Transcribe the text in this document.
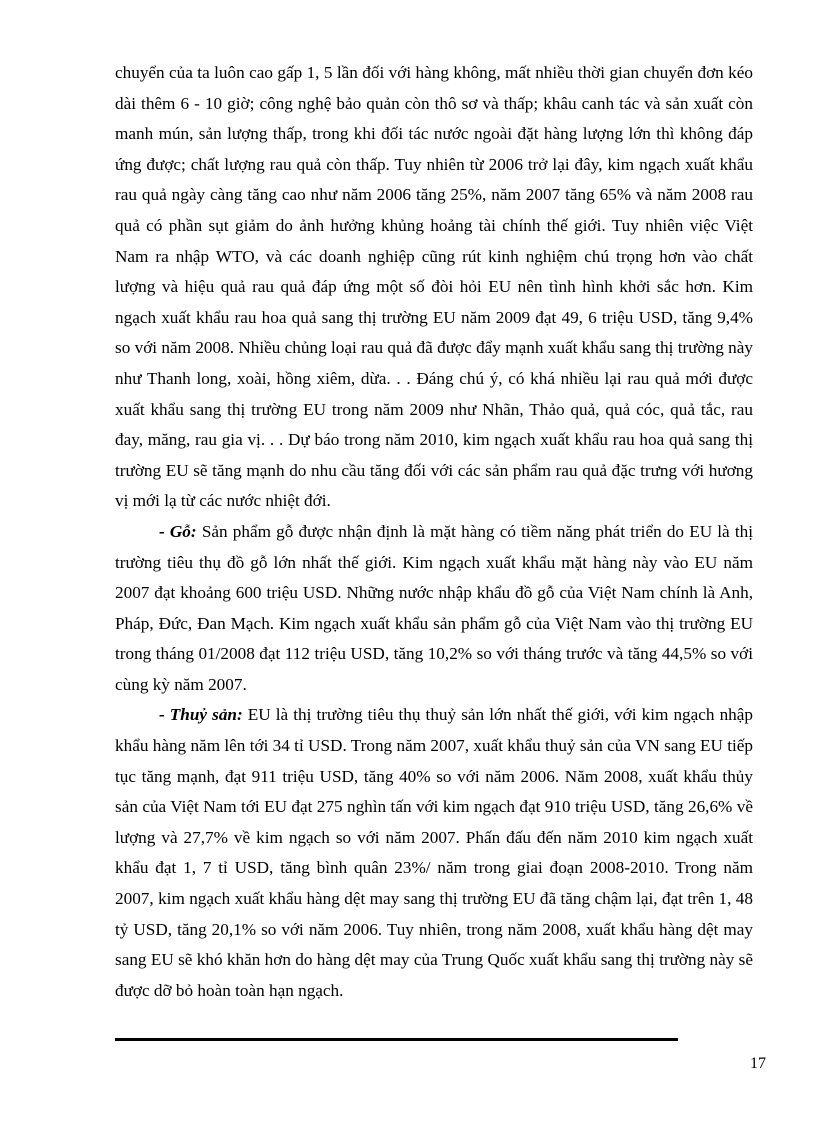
chuyển của ta luôn cao gấp 1, 5 lần đối với hàng không, mất nhiều thời gian chuyển đơn kéo dài thêm 6 - 10 giờ; công nghệ bảo quản còn thô sơ và thấp; khâu canh tác và sản xuất còn manh mún, sản lượng thấp, trong khi đối tác nước ngoài đặt hàng lượng lớn thì không đáp ứng được; chất lượng rau quả còn thấp. Tuy nhiên từ 2006 trở lại đây, kim ngạch xuất khẩu rau quả ngày càng tăng cao như năm 2006 tăng 25%, năm 2007 tăng 65% và năm 2008 rau quả có phần sụt giảm do ảnh hưởng khủng hoảng tài chính thế giới. Tuy nhiên việc Việt Nam ra nhập WTO, và các doanh nghiệp cũng rút kinh nghiệm chú trọng hơn vào chất lượng và hiệu quả rau quả đáp ứng một số đòi hỏi EU nên tình hình khởi sắc hơn. Kim ngạch xuất khẩu rau hoa quả sang thị trường EU năm 2009 đạt 49, 6 triệu USD, tăng 9,4% so với năm 2008. Nhiều chủng loại rau quả đã được đẩy mạnh xuất khẩu sang thị trường này như Thanh long, xoài, hồng xiêm, dừa. . . Đáng chú ý, có khá nhiều lại rau quả mới được xuất khẩu sang thị trường EU trong năm 2009 như Nhãn, Thảo quả, quả cóc, quả tắc, rau đay, măng, rau gia vị. . . Dự báo trong năm 2010, kim ngạch xuất khẩu rau hoa quả sang thị trường EU sẽ tăng mạnh do nhu cầu tăng đối với các sản phẩm rau quả đặc trưng với hương vị mới lạ từ các nước nhiệt đới.

- Gỗ: Sản phẩm gỗ được nhận định là mặt hàng có tiềm năng phát triển do EU là thị trường tiêu thụ đồ gỗ lớn nhất thế giới. Kim ngạch xuất khẩu mặt hàng này vào EU năm 2007 đạt khoảng 600 triệu USD. Những nước nhập khẩu đồ gỗ của Việt Nam chính là Anh, Pháp, Đức, Đan Mạch. Kim ngạch xuất khẩu sản phẩm gỗ của Việt Nam vào thị trường EU trong tháng 01/2008 đạt 112 triệu USD, tăng 10,2% so với tháng trước và tăng 44,5% so với cùng kỳ năm 2007.

- Thuỷ sản: EU là thị trường tiêu thụ thuỷ sản lớn nhất thế giới, với kim ngạch nhập khẩu hàng năm lên tới 34 tỉ USD. Trong năm 2007, xuất khẩu thuỷ sản của VN sang EU tiếp tục tăng mạnh, đạt 911 triệu USD, tăng 40% so với năm 2006. Năm 2008, xuất khẩu thủy sản của Việt Nam tới EU đạt 275 nghìn tấn với kim ngạch đạt 910 triệu USD, tăng 26,6% về lượng và 27,7% về kim ngạch so với năm 2007. Phấn đấu đến năm 2010 kim ngạch xuất khẩu đạt 1, 7 tỉ USD, tăng bình quân 23%/ năm trong giai đoạn 2008-2010. Trong năm 2007, kim ngạch xuất khẩu hàng dệt may sang thị trường EU đã tăng chậm lại, đạt trên 1, 48 tỷ USD, tăng 20,1% so với năm 2006. Tuy nhiên, trong năm 2008, xuất khẩu hàng dệt may sang EU sẽ khó khăn hơn do hàng dệt may của Trung Quốc xuất khẩu sang thị trường này sẽ được dỡ bỏ hoàn toàn hạn ngạch.

17
